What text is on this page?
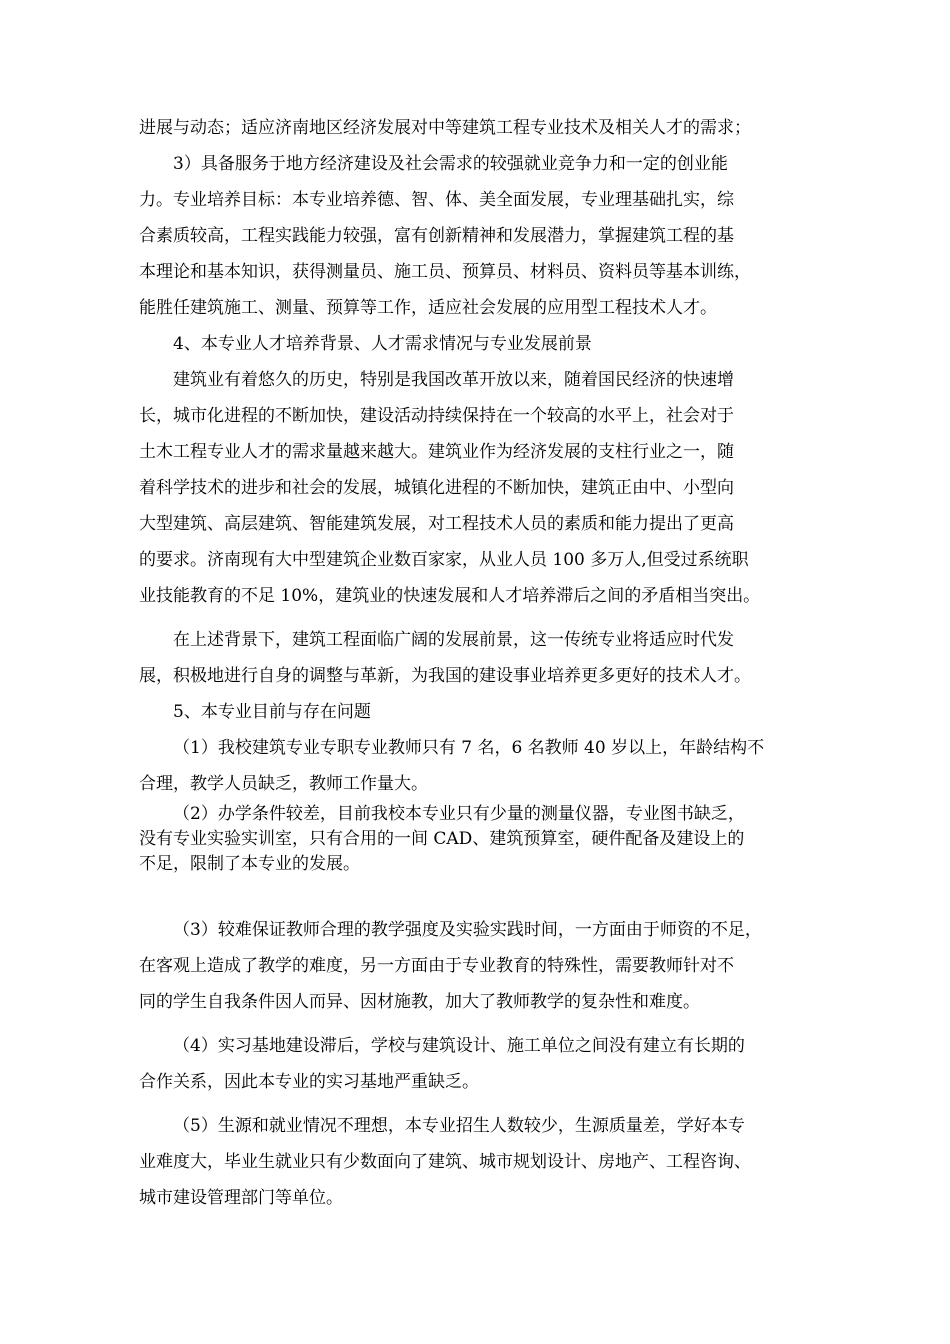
进展与动态；适应济南地区经济发展对中等建筑工程专业技术及相关人才的需求；
3）具备服务于地方经济建设及社会需求的较强就业竞争力和一定的创业能
力。专业培养目标：本专业培养德、智、体、美全面发展，专业理基础扎实，综
合素质较高，工程实践能力较强，富有创新精神和发展潜力，掌握建筑工程的基
本理论和基本知识，获得测量员、施工员、预算员、材料员、资料员等基本训练，
能胜任建筑施工、测量、预算等工作，适应社会发展的应用型工程技术人才。
4、本专业人才培养背景、人才需求情况与专业发展前景
建筑业有着悠久的历史，特别是我国改革开放以来，随着国民经济的快速增
长，城市化进程的不断加快，建设活动持续保持在一个较高的水平上，社会对于
土木工程专业人才的需求量越来越大。建筑业作为经济发展的支柱行业之一，随
着科学技术的进步和社会的发展，城镇化进程的不断加快，建筑正由中、小型向
大型建筑、高层建筑、智能建筑发展，对工程技术人员的素质和能力提出了更高
的要求。济南现有大中型建筑企业数百家家，从业人员 100 多万人,但受过系统职
业技能教育的不足 10%，建筑业的快速发展和人才培养滞后之间的矛盾相当突出。
在上述背景下，建筑工程面临广阔的发展前景，这一传统专业将适应时代发
展，积极地进行自身的调整与革新，为我国的建设事业培养更多更好的技术人才。
5、本专业目前与存在问题
（1）我校建筑专业专职专业教师只有 7 名，6 名教师 40 岁以上，年龄结构不
合理，教学人员缺乏，教师工作量大。
（2）办学条件较差，目前我校本专业只有少量的测量仪器，专业图书缺乏，
没有专业实验实训室，只有合用的一间 CAD、建筑预算室，硬件配备及建设上的
不足，限制了本专业的发展。
（3）较难保证教师合理的教学强度及实验实践时间，一方面由于师资的不足，
在客观上造成了教学的难度，另一方面由于专业教育的特殊性，需要教师针对不
同的学生自我条件因人而异、因材施教，加大了教师教学的复杂性和难度。
（4）实习基地建设滞后，学校与建筑设计、施工单位之间没有建立有长期的
合作关系，因此本专业的实习基地严重缺乏。
（5）生源和就业情况不理想，本专业招生人数较少，生源质量差，学好本专
业难度大，毕业生就业只有少数面向了建筑、城市规划设计、房地产、工程咨询、
城市建设管理部门等单位。
